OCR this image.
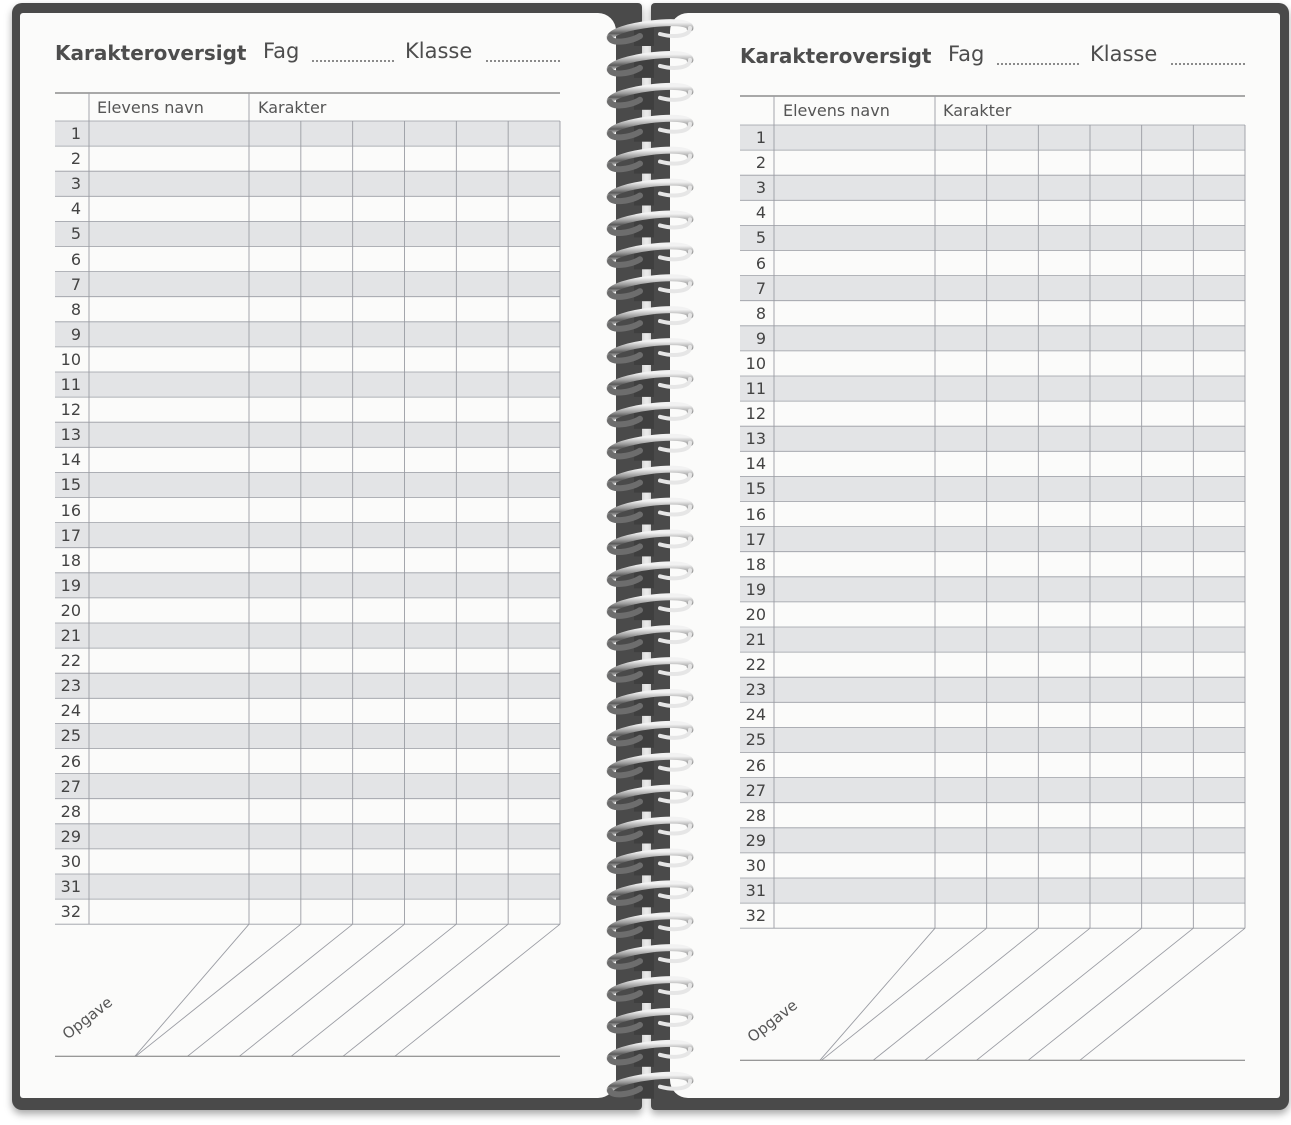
Karakteroversigt Fag	Klasse
Elevens navn	Karakter
Opgave
1
2
3
4
5
6
7
8
9
10
11
12
13
14
15
16
17
18
19
20
21
22
23
24
25
26
27
28
29
30
31
32
Karakteroversigt Fag	Klasse
Elevens navn	Karakter
Opgave
1
2
3
4
5
6
7
8
9
10
11
12
13
14
15
16
17
18
19
20
21
22
23
24
25
26
27
28
29
30
31
32
